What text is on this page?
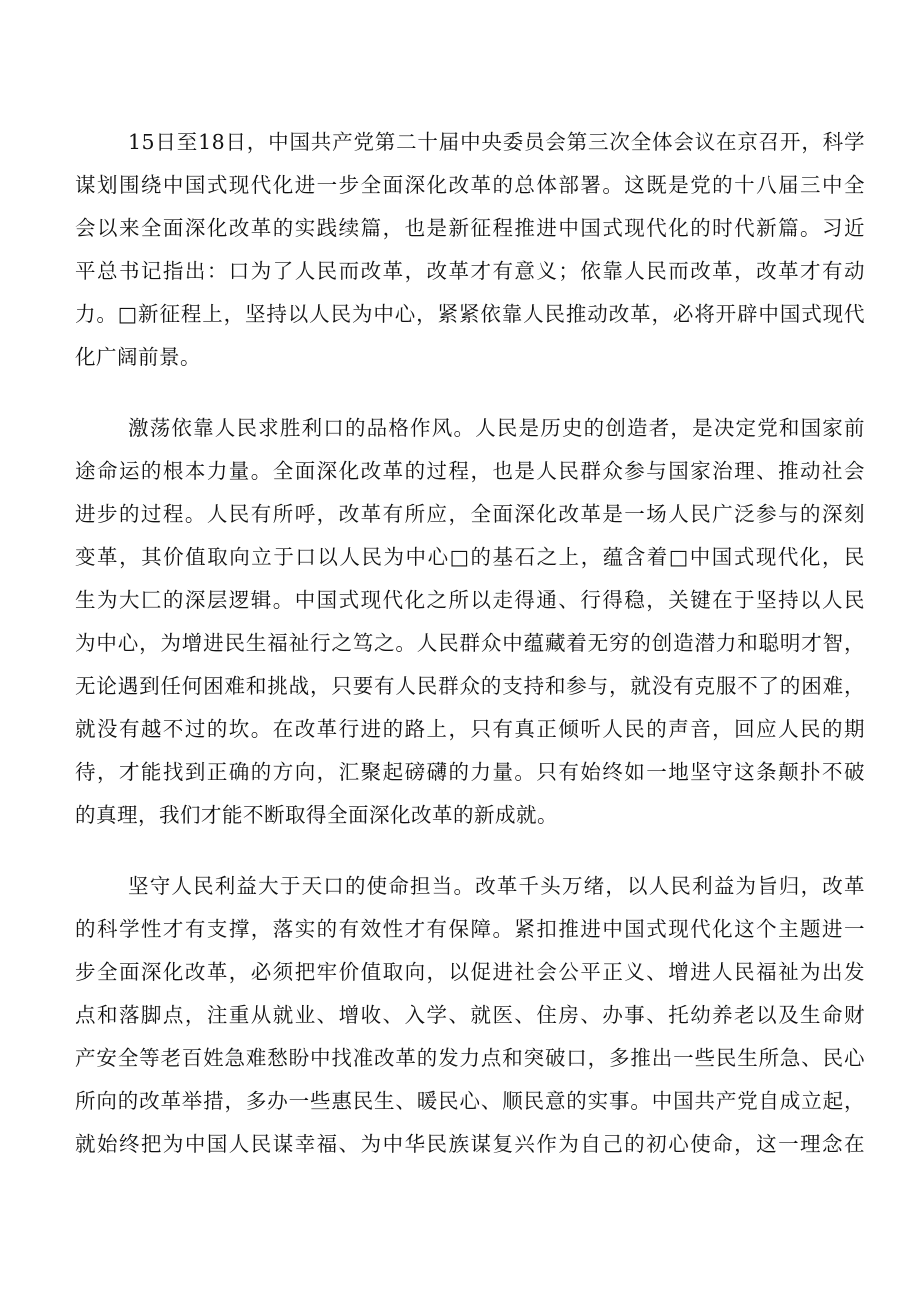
15日至18日，中国共产党第二十届中央委员会第三次全体会议在京召开，科学
谋划围绕中国式现代化进一步全面深化改革的总体部署。这既是党的十八届三中全
会以来全面深化改革的实践续篇，也是新征程推进中国式现代化的时代新篇。习近
平总书记指出：口为了人民而改革，改革才有意义；依靠人民而改革，改革才有动
力。□新征程上，坚持以人民为中心，紧紧依靠人民推动改革，必将开辟中国式现代
化广阔前景。
激荡依靠人民求胜利口的品格作风。人民是历史的创造者，是决定党和国家前
途命运的根本力量。全面深化改革的过程，也是人民群众参与国家治理、推动社会
进步的过程。人民有所呼，改革有所应，全面深化改革是一场人民广泛参与的深刻
变革，其价值取向立于口以人民为中心□的基石之上，蕴含着□中国式现代化，民
生为大匚的深层逻辑。中国式现代化之所以走得通、行得稳，关键在于坚持以人民
为中心，为增进民生福祉行之笃之。人民群众中蕴藏着无穷的创造潜力和聪明才智，
无论遇到任何困难和挑战，只要有人民群众的支持和参与，就没有克服不了的困难，
就没有越不过的坎。在改革行进的路上，只有真正倾听人民的声音，回应人民的期
待，才能找到正确的方向，汇聚起磅礴的力量。只有始终如一地坚守这条颠扑不破
的真理，我们才能不断取得全面深化改革的新成就。
坚守人民利益大于天口的使命担当。改革千头万绪，以人民利益为旨归，改革
的科学性才有支撑，落实的有效性才有保障。紧扣推进中国式现代化这个主题进一
步全面深化改革，必须把牢价值取向，以促进社会公平正义、增进人民福祉为出发
点和落脚点，注重从就业、增收、入学、就医、住房、办事、托幼养老以及生命财
产安全等老百姓急难愁盼中找准改革的发力点和突破口，多推出一些民生所急、民心
所向的改革举措，多办一些惠民生、暖民心、顺民意的实事。中国共产党自成立起，
就始终把为中国人民谋幸福、为中华民族谋复兴作为自己的初心使命，这一理念在
